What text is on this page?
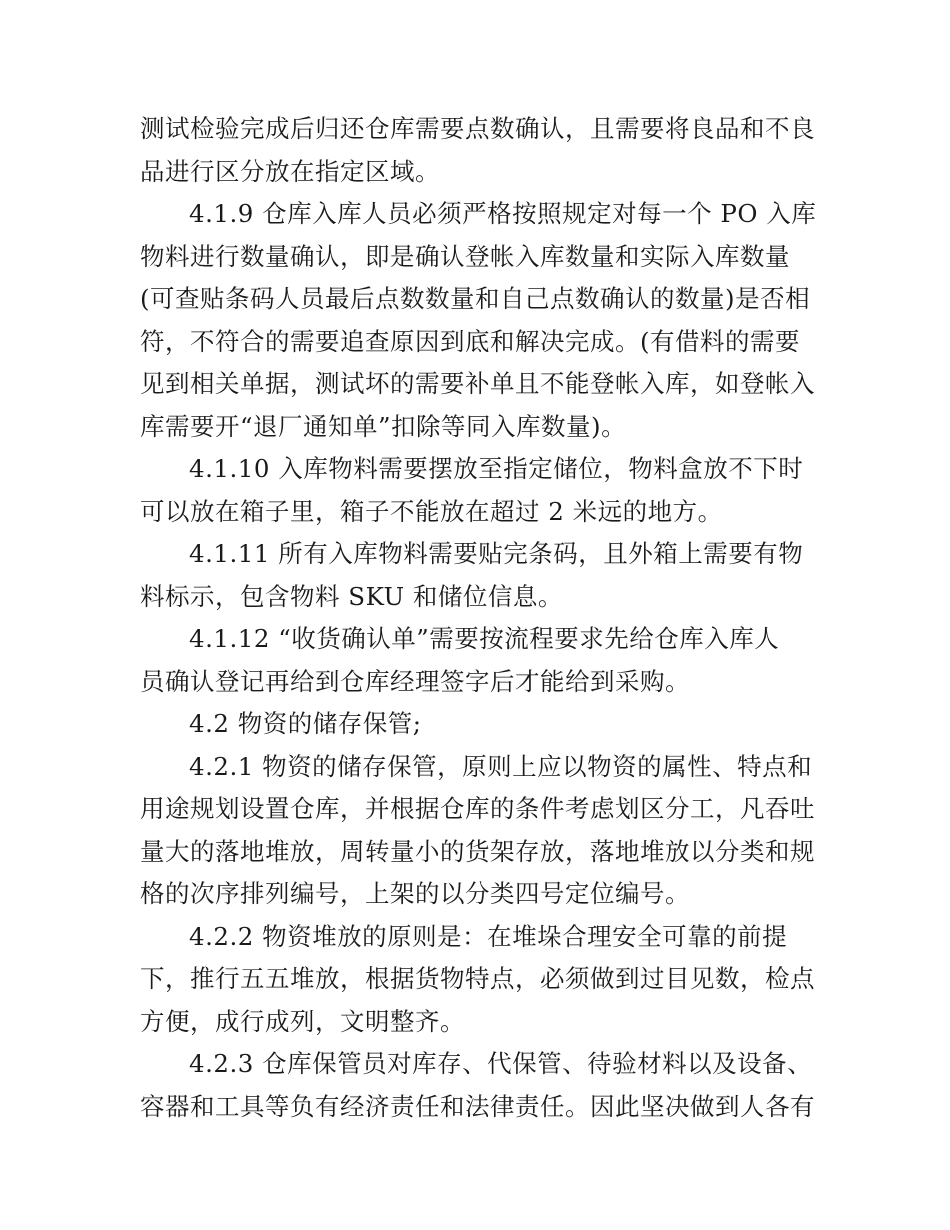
测试检验完成后归还仓库需要点数确认，且需要将良品和不良
品进行区分放在指定区域。
4.1.9 仓库入库人员必须严格按照规定对每一个 PO 入库
物料进行数量确认，即是确认登帐入库数量和实际入库数量
(可查贴条码人员最后点数数量和自己点数确认的数量)是否相
符，不符合的需要追查原因到底和解决完成。(有借料的需要
见到相关单据，测试坏的需要补单且不能登帐入库，如登帐入
库需要开“退厂通知单”扣除等同入库数量)。
4.1.10 入库物料需要摆放至指定储位，物料盒放不下时
可以放在箱子里，箱子不能放在超过 2 米远的地方。
4.1.11 所有入库物料需要贴完条码，且外箱上需要有物
料标示，包含物料 SKU 和储位信息。
4.1.12 “收货确认单”需要按流程要求先给仓库入库人
员确认登记再给到仓库经理签字后才能给到采购。
4.2 物资的储存保管;
4.2.1 物资的储存保管，原则上应以物资的属性、特点和
用途规划设置仓库，并根据仓库的条件考虑划区分工，凡吞吐
量大的落地堆放，周转量小的货架存放，落地堆放以分类和规
格的次序排列编号，上架的以分类四号定位编号。
4.2.2 物资堆放的原则是：在堆垛合理安全可靠的前提
下，推行五五堆放，根据货物特点，必须做到过目见数，检点
方便，成行成列，文明整齐。
4.2.3 仓库保管员对库存、代保管、待验材料以及设备、
容器和工具等负有经济责任和法律责任。因此坚决做到人各有
